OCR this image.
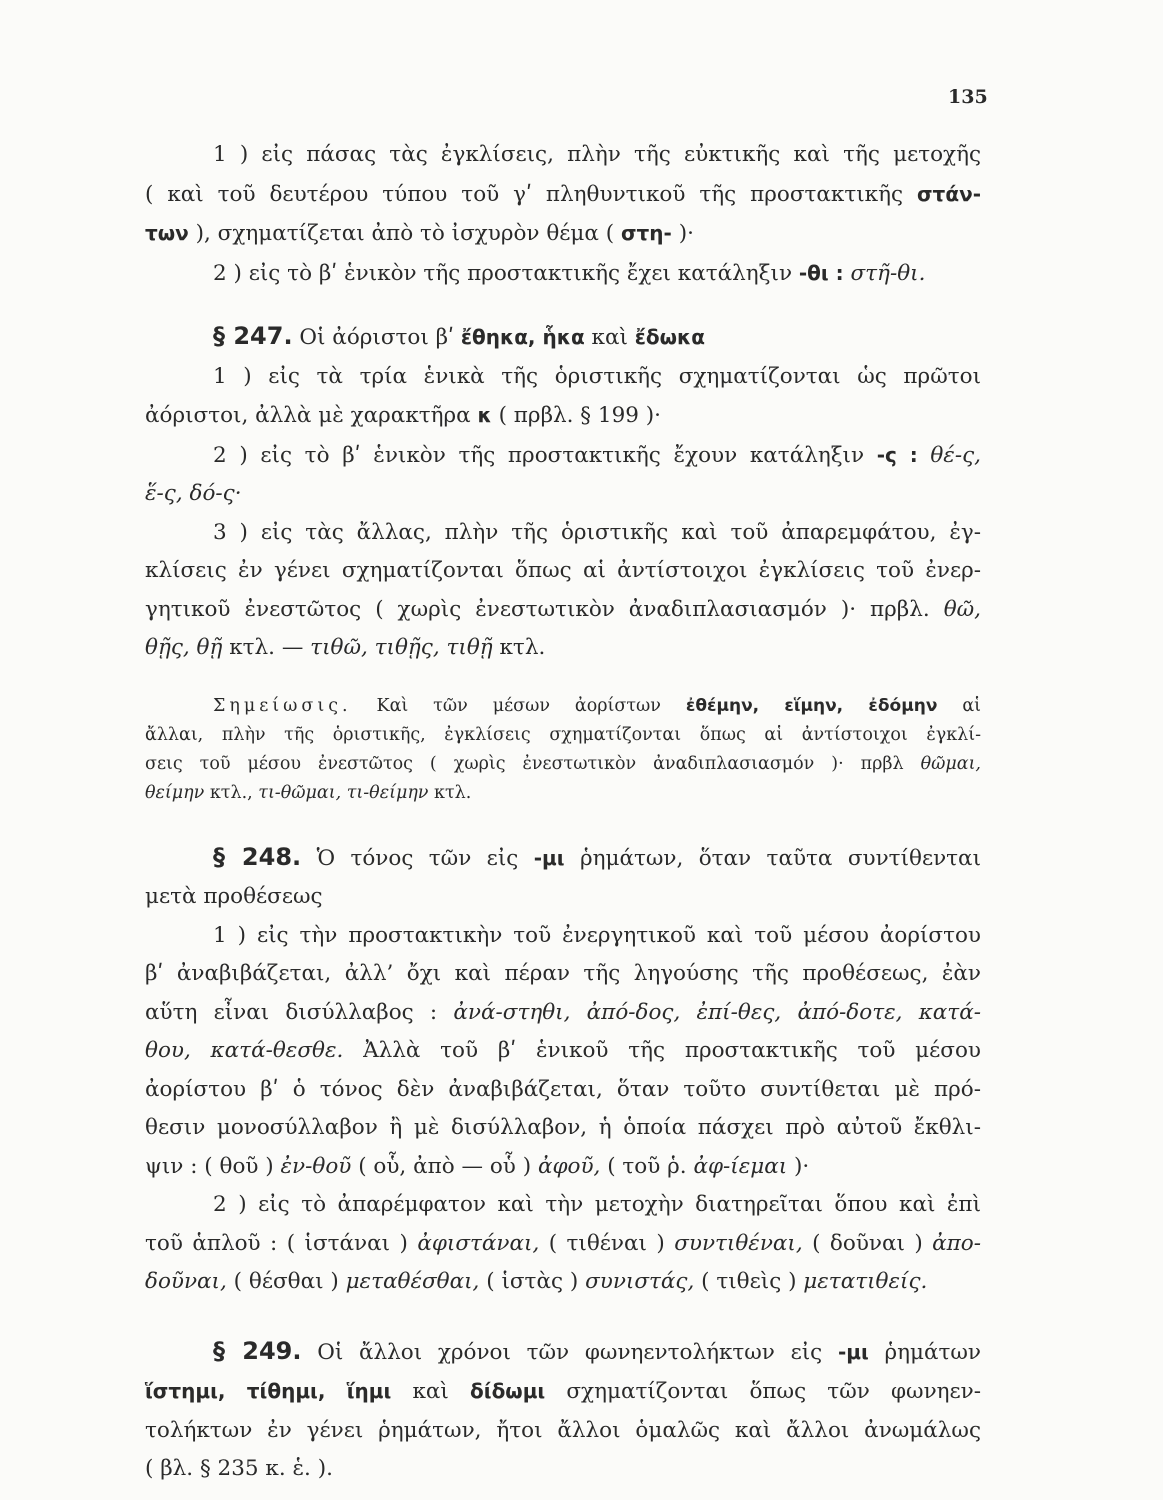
135
1 ) εἰς πάσας τὰς ἐγκλίσεις, πλὴν τῆς εὐκτικῆς καὶ τῆς μετοχῆς
( καὶ τοῦ δευτέρου τύπου τοῦ γʹ πληθυντικοῦ τῆς προστακτικῆς στάν-
των ), σχηματίζεται ἀπὸ τὸ ἰσχυρὸν θέμα ( στη- )·
2 ) εἰς τὸ βʹ ἑνικὸν τῆς προστακτικῆς ἔχει κατάληξιν -θι : στῆ-θι.
§ 247. Οἱ ἀόριστοι βʹ ἔθηκα, ἧκα καὶ ἔδωκα
1 ) εἰς τὰ τρία ἑνικὰ τῆς ὁριστικῆς σχηματίζονται ὡς πρῶτοι
ἀόριστοι, ἀλλὰ μὲ χαρακτῆρα κ ( πρβλ. § 199 )·
2 ) εἰς τὸ βʹ ἑνικὸν τῆς προστακτικῆς ἔχουν κατάληξιν -ς : θέ-ς,
ἕ-ς, δό-ς·
3 ) εἰς τὰς ἄλλας, πλὴν τῆς ὁριστικῆς καὶ τοῦ ἀπαρεμφάτου, ἐγ-
κλίσεις ἐν γένει σχηματίζονται ὅπως αἱ ἀντίστοιχοι ἐγκλίσεις τοῦ ἐνερ-
γητικοῦ ἐνεστῶτος ( χωρὶς ἐνεστωτικὸν ἀναδιπλασιασμόν )· πρβλ. θῶ,
θῇς, θῇ κτλ. — τιθῶ, τιθῇς, τιθῇ κτλ.
Σημείωσις. Καὶ τῶν μέσων ἀορίστων ἐθέμην, εἵμην, ἐδόμην αἱ
ἄλλαι, πλὴν τῆς ὁριστικῆς, ἐγκλίσεις σχηματίζονται ὅπως αἱ ἀντίστοιχοι ἐγκλί-
σεις τοῦ μέσου ἐνεστῶτος ( χωρὶς ἐνεστωτικὸν ἀναδιπλασιασμόν )· πρβλ θῶμαι,
θείμην κτλ., τι-θῶμαι, τι-θείμην κτλ.
§ 248. Ὁ τόνος τῶν εἰς -μι ῥημάτων, ὅταν ταῦτα συντίθενται
μετὰ προθέσεως
1 ) εἰς τὴν προστακτικὴν τοῦ ἐνεργητικοῦ καὶ τοῦ μέσου ἀορίστου
βʹ ἀναβιβάζεται, ἀλλ’ ὄχι καὶ πέραν τῆς ληγούσης τῆς προθέσεως, ἐὰν
αὕτη εἶναι δισύλλαβος : ἀνά-στηθι, ἀπό-δος, ἐπί-θες, ἀπό-δοτε, κατά-
θου, κατά-θεσθε. Ἀλλὰ τοῦ βʹ ἑνικοῦ τῆς προστακτικῆς τοῦ μέσου
ἀορίστου βʹ ὁ τόνος δὲν ἀναβιβάζεται, ὅταν τοῦτο συντίθεται μὲ πρό-
θεσιν μονοσύλλαβον ἢ μὲ δισύλλαβον, ἡ ὁποία πάσχει πρὸ αὐτοῦ ἔκθλι-
ψιν : ( θοῦ ) ἐν-θοῦ ( οὗ, ἀπὸ — οὗ ) ἀφοῦ, ( τοῦ ῥ. ἀφ-ίεμαι )·
2 ) εἰς τὸ ἀπαρέμφατον καὶ τὴν μετοχὴν διατηρεῖται ὅπου καὶ ἐπὶ
τοῦ ἁπλοῦ : ( ἱστάναι ) ἀφιστάναι, ( τιθέναι ) συντιθέναι, ( δοῦναι ) ἀπο-
δοῦναι, ( θέσθαι ) μεταθέσθαι, ( ἱστὰς ) συνιστάς, ( τιθεὶς ) μετατιθείς.
§ 249. Οἱ ἄλλοι χρόνοι τῶν φωνηεντολήκτων εἰς -μι ῥημάτων
ἵστημι, τίθημι, ἵημι καὶ δίδωμι σχηματίζονται ὅπως τῶν φωνηεν-
τολήκτων ἐν γένει ῥημάτων, ἤτοι ἄλλοι ὁμαλῶς καὶ ἄλλοι ἀνωμάλως
( βλ. § 235 κ. ἑ. ).
